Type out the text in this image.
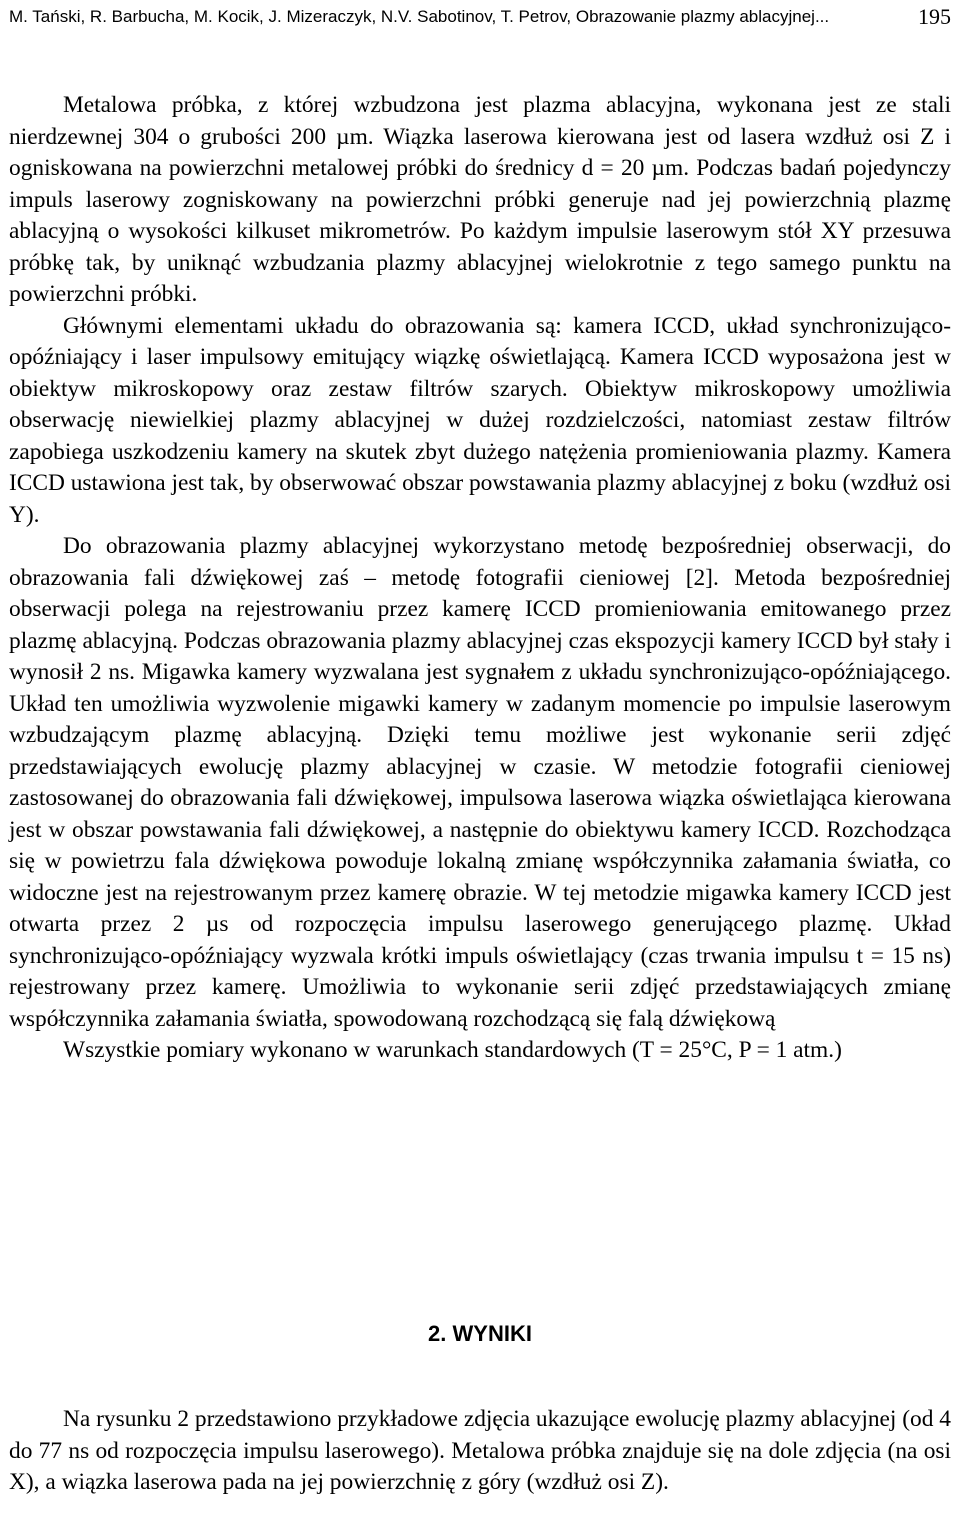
M. Tański, R. Barbucha, M. Kocik, J. Mizeraczyk, N.V. Sabotinov, T. Petrov, Obrazowanie plazmy ablacyjnej...	195

Metalowa próbka, z której wzbudzona jest plazma ablacyjna, wykonana jest ze stali nierdzewnej 304 o grubości 200 µm. Wiązka laserowa kierowana jest od lasera wzdłuż osi Z i ogniskowana na powierzchni metalowej próbki do średnicy d = 20 µm. Podczas badań pojedynczy impuls laserowy zogniskowany na powierzchni próbki generuje nad jej powierzchnią plazmę ablacyjną o wysokości kilkuset mikrometrów. Po każdym impulsie laserowym stół XY przesuwa próbkę tak, by uniknąć wzbudzania plazmy ablacyjnej wielokrotnie z tego samego punktu na powierzchni próbki.

Głównymi elementami układu do obrazowania są: kamera ICCD, układ synchronizująco-opóźniający i laser impulsowy emitujący wiązkę oświetlającą. Kamera ICCD wyposażona jest w obiektyw mikroskopowy oraz zestaw filtrów szarych. Obiektyw mikroskopowy umożliwia obserwację niewielkiej plazmy ablacyjnej w dużej rozdzielczości, natomiast zestaw filtrów zapobiega uszkodzeniu kamery na skutek zbyt dużego natężenia promieniowania plazmy. Kamera ICCD ustawiona jest tak, by obserwować obszar powstawania plazmy ablacyjnej z boku (wzdłuż osi Y).

Do obrazowania plazmy ablacyjnej wykorzystano metodę bezpośredniej obserwacji, do obrazowania fali dźwiękowej zaś – metodę fotografii cieniowej [2]. Metoda bezpośredniej obserwacji polega na rejestrowaniu przez kamerę ICCD promieniowania emitowanego przez plazmę ablacyjną. Podczas obrazowania plazmy ablacyjnej czas ekspozycji kamery ICCD był stały i wynosił 2 ns. Migawka kamery wyzwalana jest sygnałem z układu synchronizująco-opóźniającego. Układ ten umożliwia wyzwolenie migawki kamery w zadanym momencie po impulsie laserowym wzbudzającym plazmę ablacyjną. Dzięki temu możliwe jest wykonanie serii zdjęć przedstawiających ewolucję plazmy ablacyjnej w czasie. W metodzie fotografii cieniowej zastosowanej do obrazowania fali dźwiękowej, impulsowa laserowa wiązka oświetlająca kierowana jest w obszar powstawania fali dźwiękowej, a następnie do obiektywu kamery ICCD. Rozchodząca się w powietrzu fala dźwiękowa powoduje lokalną zmianę współczynnika załamania światła, co widoczne jest na rejestrowanym przez kamerę obrazie. W tej metodzie migawka kamery ICCD jest otwarta przez 2 µs od rozpoczęcia impulsu laserowego generującego plazmę. Układ synchronizująco-opóźniający wyzwala krótki impuls oświetlający (czas trwania impulsu t = 15 ns) rejestrowany przez kamerę. Umożliwia to wykonanie serii zdjęć przedstawiających zmianę współczynnika załamania światła, spowodowaną rozchodzącą się falą dźwiękową

Wszystkie pomiary wykonano w warunkach standardowych (T = 25°C, P = 1 atm.)

2. WYNIKI

Na rysunku 2 przedstawiono przykładowe zdjęcia ukazujące ewolucję plazmy ablacyjnej (od 4 do 77 ns od rozpoczęcia impulsu laserowego). Metalowa próbka znajduje się na dole zdjęcia (na osi X), a wiązka laserowa pada na jej powierzchnię z góry (wzdłuż osi Z).
